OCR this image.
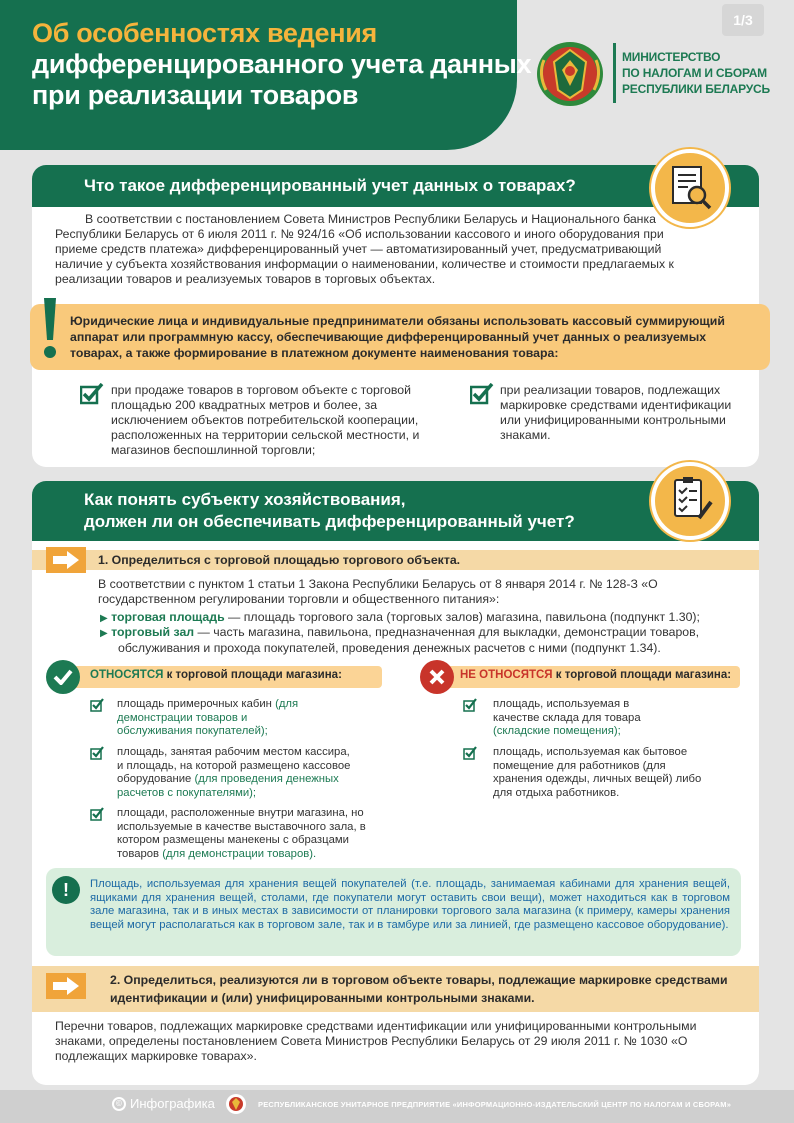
Об особенностях ведения
дифференцированного учета данных
при реализации товаров
1/3
МИНИСТЕРСТВО
ПО НАЛОГАМ И СБОРАМ
РЕСПУБЛИКИ БЕЛАРУСЬ
Что такое дифференцированный учет данных о товарах?
В соответствии с постановлением Совета Министров Республики Беларусь и Национального банка Республики Беларусь от 6 июля 2011 г. № 924/16 «Об использовании кассового и иного оборудования при приеме средств платежа» дифференцированный учет — автоматизированный учет, предусматривающий наличие у субъекта хозяйствования информации о наименовании, количестве и стоимости предлагаемых к реализации товаров и реализуемых товаров в торговых объектах.
Юридические лица и индивидуальные предприниматели обязаны использовать кассовый суммирующий аппарат или программную кассу, обеспечивающие дифференцированный учет данных о реализуемых товарах, а также формирование в платежном документе наименования товара:
при продаже товаров в торговом объекте с торговой площадью 200 квадратных метров и более, за исключением объектов потребительской кооперации, расположенных на территории сельской местности, и магазинов беспошлинной торговли;
при реализации товаров, подлежащих маркировке средствами идентификации или унифицированными контрольными знаками.
Как понять субъекту хозяйствования,
должен ли он обеспечивать дифференцированный учет?
1. Определиться с торговой площадью торгового объекта.
В соответствии с пунктом 1 статьи 1 Закона Республики Беларусь от 8 января 2014 г. № 128-З «О государственном регулировании торговли и общественного питания»:
▶ торговая площадь — площадь торгового зала (торговых залов) магазина, павильона (подпункт 1.30);
▶ торговый зал — часть магазина, павильона, предназначенная для выкладки, демонстрации товаров, обслуживания и прохода покупателей, проведения денежных расчетов с ними (подпункт 1.34).
ОТНОСЯТСЯ к торговой площади магазина:	НЕ ОТНОСЯТСЯ к торговой площади магазина:
площадь примерочных кабин (для демонстрации товаров и обслуживания покупателей);
площадь, занятая рабочим местом кассира, и площадь, на которой размещено кассовое оборудование (для проведения денежных расчетов с покупателями);
площади, расположенные внутри магазина, но используемые в качестве выставочного зала, в котором размещены манекены с образцами товаров (для демонстрации товаров).
площадь, используемая в качестве склада для товара (складские помещения);
площадь, используемая как бытовое помещение для работников (для хранения одежды, личных вещей) либо для отдыха работников.
!	Площадь, используемая для хранения вещей покупателей (т.е. площадь, занимаемая кабинами для хранения вещей, ящиками для хранения вещей, столами, где покупатели могут оставить свои вещи), может находиться как в торговом зале магазина, так и в иных местах в зависимости от планировки торгового зала магазина (к примеру, камеры хранения вещей могут располагаться как в торговом зале, так и в тамбуре или за линией, где размещено кассовое оборудование).
2. Определиться, реализуются ли в торговом объекте товары, подлежащие маркировке средствами идентификации и (или) унифицированными контрольными знаками.
Перечни товаров, подлежащих маркировке средствами идентификации или унифицированными контрольными знаками, определены постановлением Совета Министров Республики Беларусь от 29 июля 2011 г. № 1030 «О подлежащих маркировке товарах».
© Инфографика	РЕСПУБЛИКАНСКОЕ УНИТАРНОЕ ПРЕДПРИЯТИЕ «ИНФОРМАЦИОННО-ИЗДАТЕЛЬСКИЙ ЦЕНТР ПО НАЛОГАМ И СБОРАМ»
